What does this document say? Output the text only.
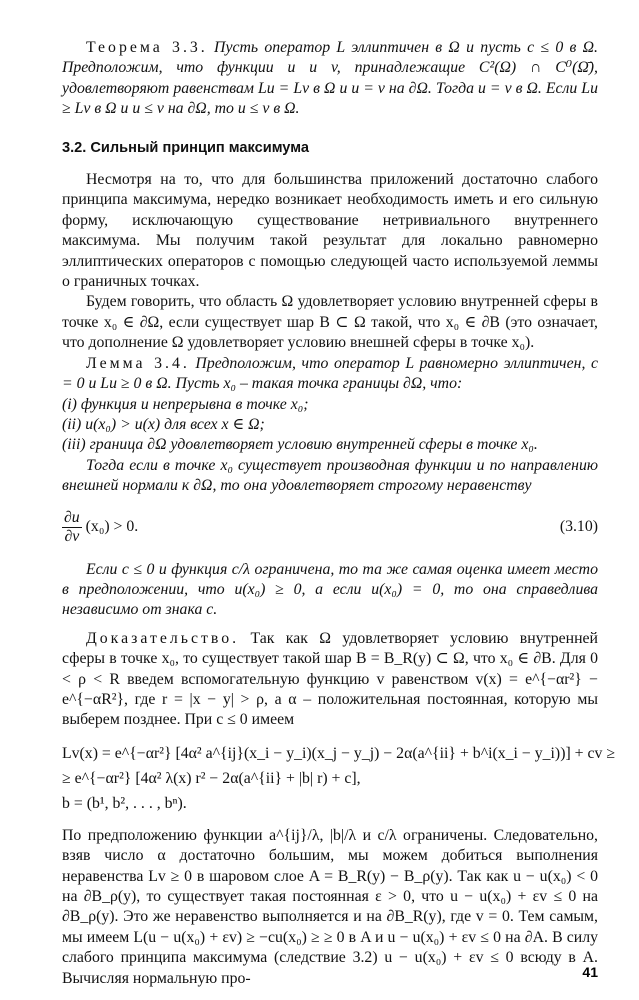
Теорема 3.3. Пусть оператор L эллиптичен в Ω и пусть c ≤ 0 в Ω. Предположим, что функции u и v, принадлежащие C²(Ω) ∩ C⁰(Ω̄), удовлетворяют равенствам Lu = Lv в Ω и u = v на ∂Ω. Тогда u = v в Ω. Если Lu ≥ Lv в Ω и u ≤ v на ∂Ω, то u ≤ v в Ω.

3.2. Сильный принцип максимума

Несмотря на то, что для большинства приложений достаточно слабого принципа максимума, нередко возникает необходимость иметь и его сильную форму, исключающую существование нетривиального внутреннего максимума. Мы получим такой результат для локально равномерно эллиптических операторов с помощью следующей часто используемой леммы о граничных точках.

Будем говорить, что область Ω удовлетворяет условию внутренней сферы в точке x₀ ∈ ∂Ω, если существует шар B ⊂ Ω такой, что x₀ ∈ ∂B (это означает, что дополнение Ω удовлетворяет условию внешней сферы в точке x₀).

Лемма 3.4. Предположим, что оператор L равномерно эллиптичен, c = 0 и Lu ≥ 0 в Ω. Пусть x₀ – такая точка границы ∂Ω, что:

(i) функция u непрерывна в точке x₀;

(ii) u(x₀) > u(x) для всех x ∈ Ω;

(iii) граница ∂Ω удовлетворяет условию внутренней сферы в точке x₀.

Тогда если в точке x₀ существует производная функции u по направлению внешней нормали к ∂Ω, то она удовлетворяет строгому неравенству

$\frac{\partial u}{\partial\nu} (x_0) > 0$.	(3.10)

Если c ≤ 0 и функция c/λ ограничена, то та же самая оценка имеет место в предположении, что u(x₀) ≥ 0, а если u(x₀) = 0, то она справедлива независимо от знака c.

Доказательство. Так как Ω удовлетворяет условию внутренней сферы в точке x₀, то существует такой шар B = B_R(y) ⊂ Ω, что x₀ ∈ ∂B. Для 0 < ρ < R введем вспомогательную функцию v равенством v(x) = e^{−αr²} − e^{−αR²}, где r = |x − y| > ρ, а α – положительная постоянная, которую мы выберем позднее. При c ≤ 0 имеем

Lv(x) = e^{−αr²} [4α² a^{ij}(x_i − y_i)(x_j − y_j) − 2α(a^{ii} + b^i(x_i − y_i))] + cv ≥
≥ e^{−αr²} [4α² λ(x) r² − 2α(a^{ii} + |b| r) + c],
b = (b¹, b², . . . , bⁿ).

По предположению функции a^{ij}/λ, |b|/λ и c/λ ограничены. Следовательно, взяв число α достаточно большим, мы можем добиться выполнения неравенства Lv ≥ 0 в шаровом слое A = B_R(y) − B_ρ(y). Так как u − u(x₀) < 0 на ∂B_ρ(y), то существует такая постоянная ε > 0, что u − u(x₀) + εv ≤ 0 на ∂B_ρ(y). Это же неравенство выполняется и на ∂B_R(y), где v = 0. Тем самым, мы имеем L(u − u(x₀) + εv) ≥ −cu(x₀) ≥ ≥ 0 в A и u − u(x₀) + εv ≤ 0 на ∂A. В силу слабого принципа максимума (следствие 3.2) u − u(x₀) + εv ≤ 0 всюду в A. Вычисляя нормальную про-	41
